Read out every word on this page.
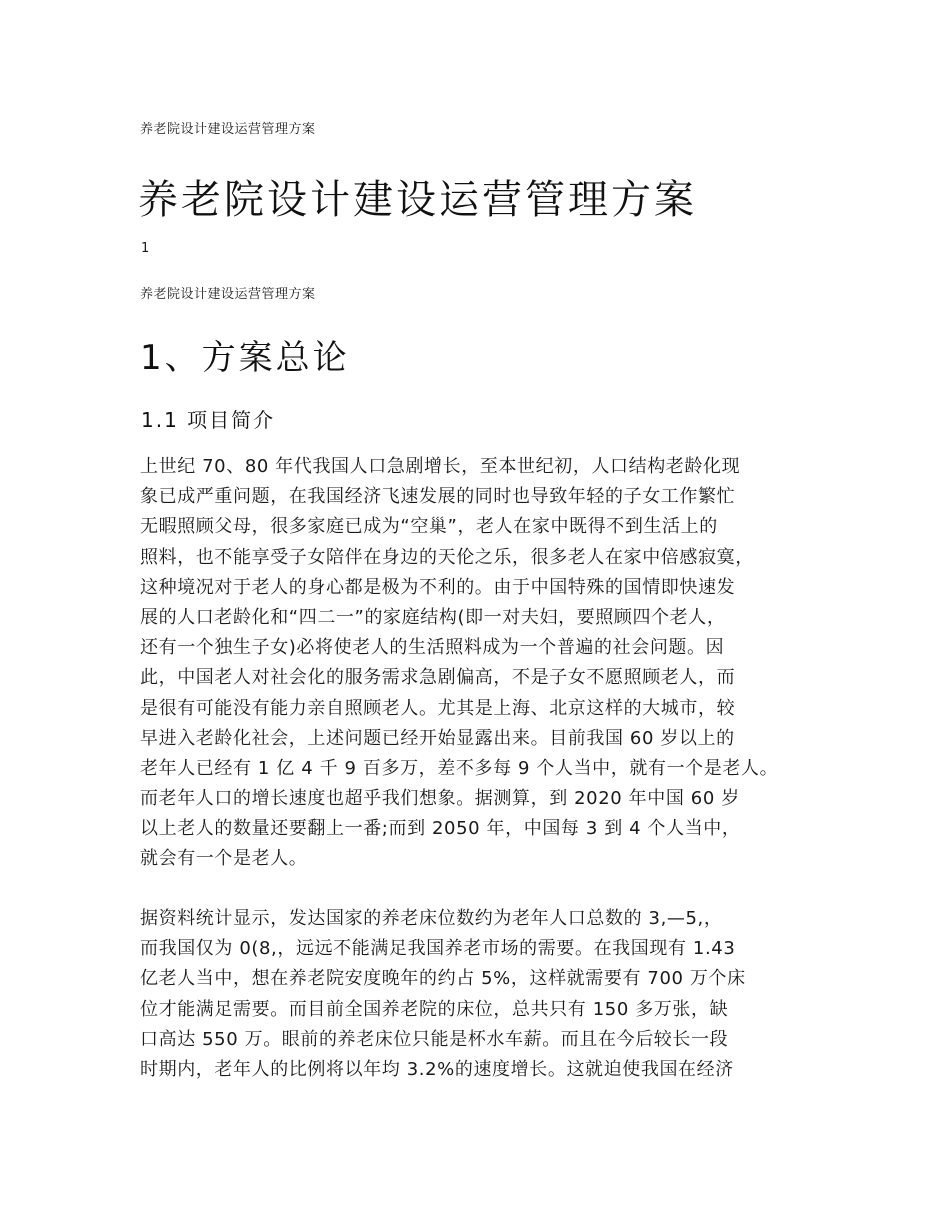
养老院设计建设运营管理方案
养老院设计建设运营管理方案
1
养老院设计建设运营管理方案
1、方案总论
1.1 项目简介
上世纪 70、80 年代我国人口急剧增长，至本世纪初，人口结构老龄化现
象已成严重问题，在我国经济飞速发展的同时也导致年轻的子女工作繁忙
无暇照顾父母，很多家庭已成为“空巢”，老人在家中既得不到生活上的
照料，也不能享受子女陪伴在身边的天伦之乐，很多老人在家中倍感寂寞，
这种境况对于老人的身心都是极为不利的。由于中国特殊的国情即快速发
展的人口老龄化和“四二一”的家庭结构(即一对夫妇，要照顾四个老人，
还有一个独生子女)必将使老人的生活照料成为一个普遍的社会问题。因
此，中国老人对社会化的服务需求急剧偏高，不是子女不愿照顾老人，而
是很有可能没有能力亲自照顾老人。尤其是上海、北京这样的大城市，较
早进入老龄化社会，上述问题已经开始显露出来。目前我国 60 岁以上的
老年人已经有 1 亿 4 千 9 百多万，差不多每 9 个人当中，就有一个是老人。
而老年人口的增长速度也超乎我们想象。据测算，到 2020 年中国 60 岁
以上老人的数量还要翻上一番;而到 2050 年，中国每 3 到 4 个人当中，
就会有一个是老人。
据资料统计显示，发达国家的养老床位数约为老年人口总数的 3,—5,，
而我国仅为 0(8,，远远不能满足我国养老市场的需要。在我国现有 1.43
亿老人当中，想在养老院安度晚年的约占 5%，这样就需要有 700 万个床
位才能满足需要。而目前全国养老院的床位，总共只有 150 多万张，缺
口高达 550 万。眼前的养老床位只能是杯水车薪。而且在今后较长一段
时期内，老年人的比例将以年均 3.2%的速度增长。这就迫使我国在经济
